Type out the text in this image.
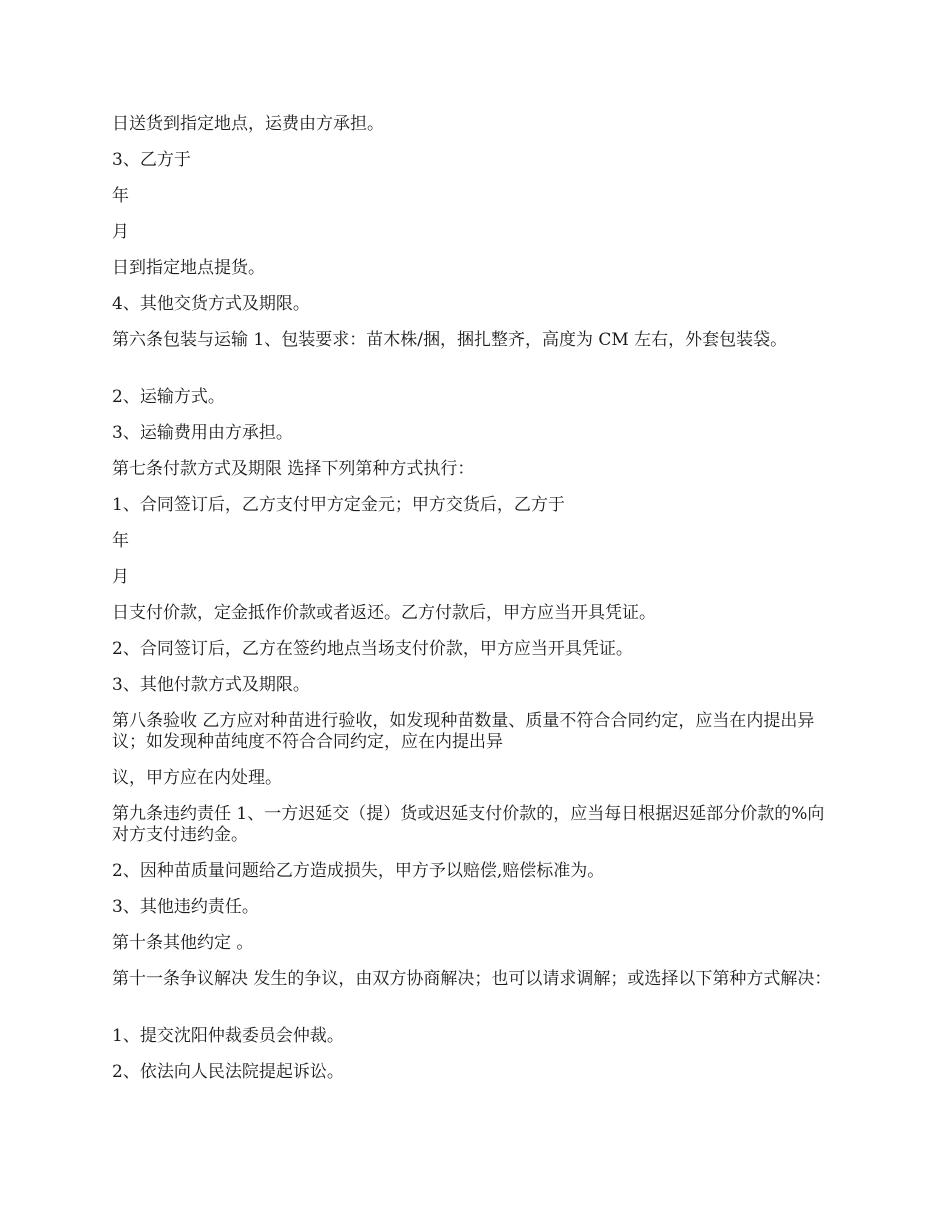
日送货到指定地点，运费由方承担。

3、乙方于

年

月

日到指定地点提货。

4、其他交货方式及期限。

第六条包装与运输 1、包装要求：苗木株/捆，捆扎整齐，高度为 CM 左右，外套包装袋。

2、运输方式。

3、运输费用由方承担。

第七条付款方式及期限 选择下列第种方式执行：

1、合同签订后，乙方支付甲方定金元；甲方交货后，乙方于

年

月

日支付价款，定金抵作价款或者返还。乙方付款后，甲方应当开具凭证。

2、合同签订后，乙方在签约地点当场支付价款，甲方应当开具凭证。

3、其他付款方式及期限。

第八条验收 乙方应对种苗进行验收，如发现种苗数量、质量不符合合同约定，应当在内提出异议；如发现种苗纯度不符合合同约定，应在内提出异

议，甲方应在内处理。

第九条违约责任 1、一方迟延交（提）货或迟延支付价款的，应当每日根据迟延部分价款的%向对方支付违约金。

2、因种苗质量问题给乙方造成损失，甲方予以赔偿,赔偿标准为。

3、其他违约责任。

第十条其他约定 。

第十一条争议解决 发生的争议，由双方协商解决；也可以请求调解；或选择以下第种方式解决：

1、提交沈阳仲裁委员会仲裁。

2、依法向人民法院提起诉讼。
